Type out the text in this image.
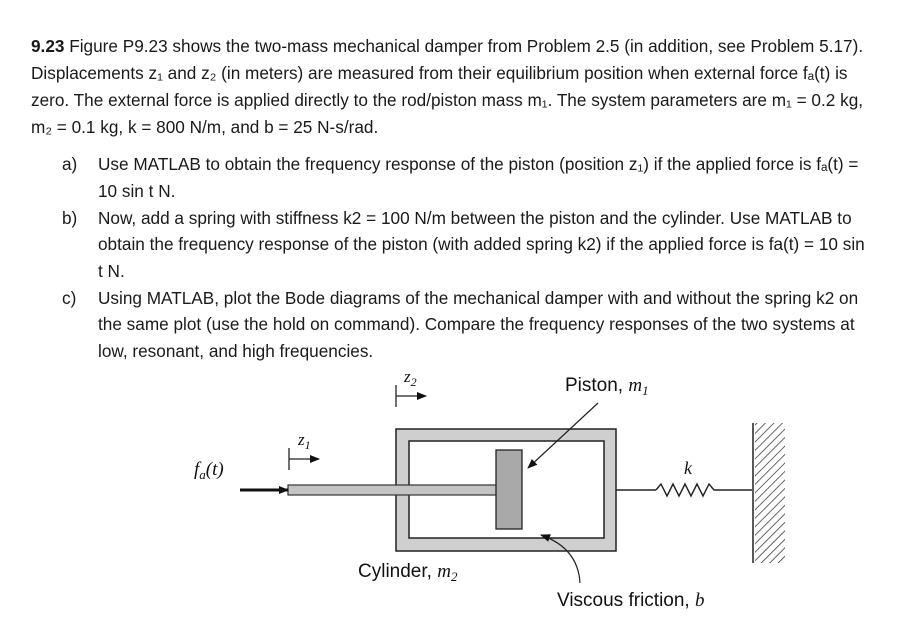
9.23 Figure P9.23 shows the two-mass mechanical damper from Problem 2.5 (in addition, see Problem 5.17). Displacements z₁ and z₂ (in meters) are measured from their equilibrium position when external force fₐ(t) is zero. The external force is applied directly to the rod/piston mass m₁. The system parameters are m₁ = 0.2 kg, m₂ = 0.1 kg, k = 800 N/m, and b = 25 N-s/rad.
a) Use MATLAB to obtain the frequency response of the piston (position z₁) if the applied force is fₐ(t) = 10 sin t N.
b) Now, add a spring with stiffness k2 = 100 N/m between the piston and the cylinder. Use MATLAB to obtain the frequency response of the piston (with added spring k2) if the applied force is fa(t) = 10 sin t N.
c) Using MATLAB, plot the Bode diagrams of the mechanical damper with and without the spring k2 on the same plot (use the hold on command). Compare the frequency responses of the two systems at low, resonant, and high frequencies.
$f_a(t)$
$z_1$
$z_2$	Piston, $m_1$
k
Cylinder, $m_2$
Viscous friction, b
